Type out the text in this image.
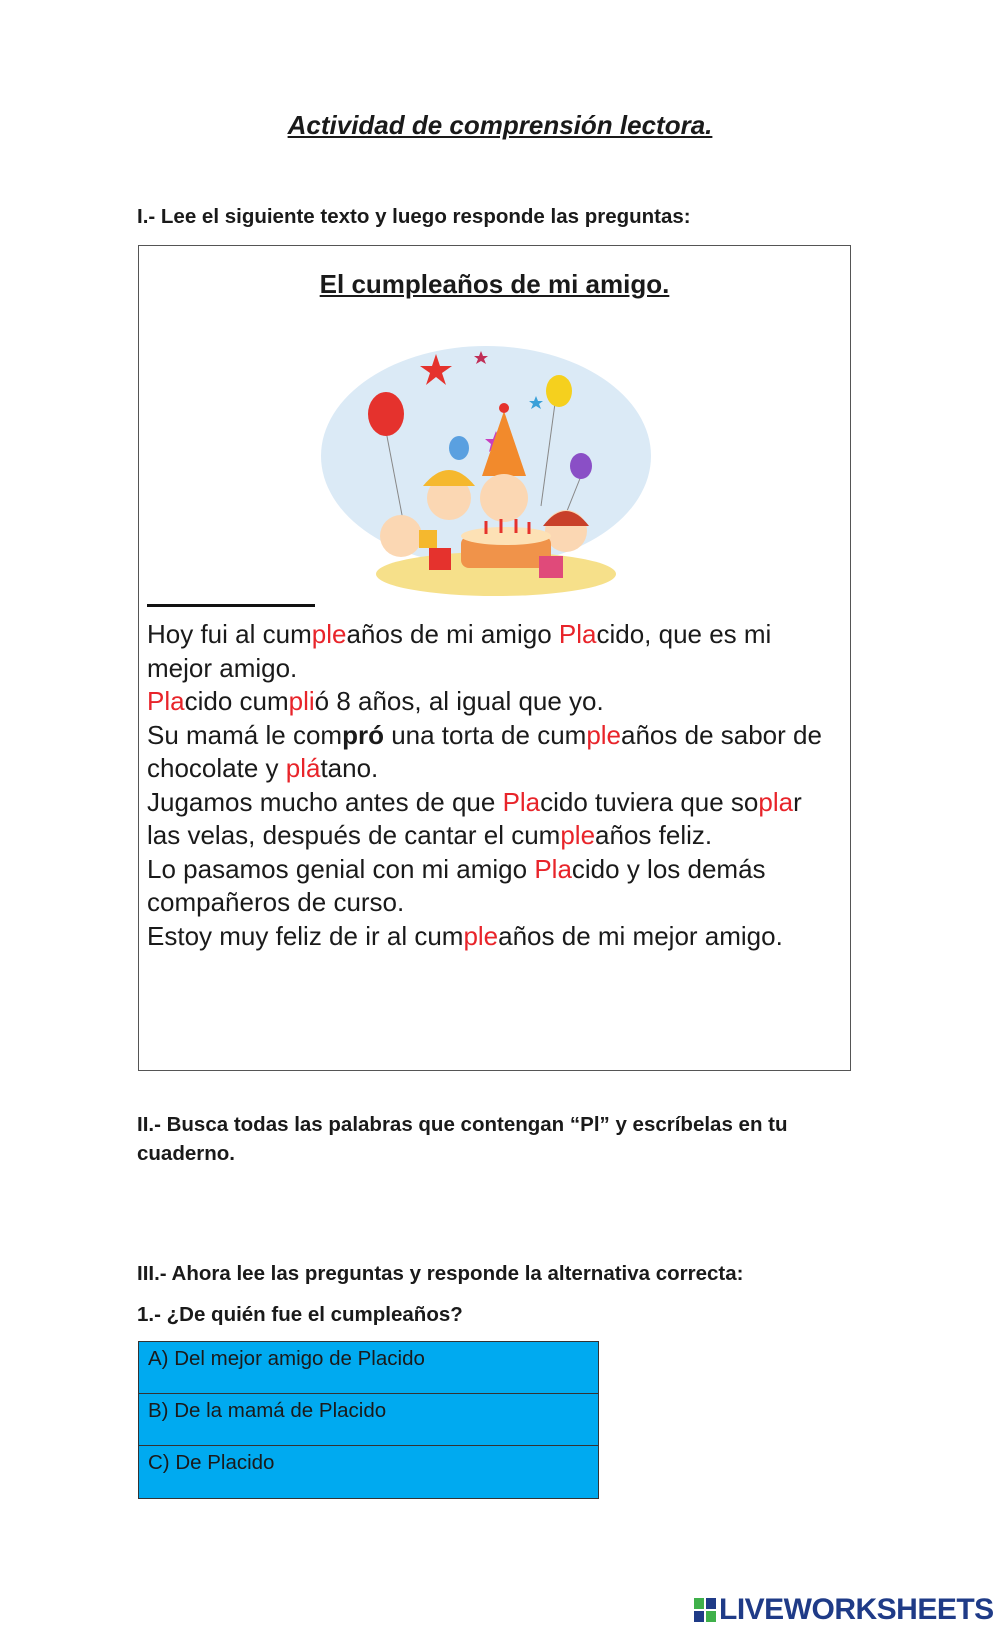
Actividad de comprensión lectora.
I.- Lee el siguiente texto y luego responde las preguntas:
El cumpleaños de mi amigo.

Hoy fui al cumpleaños de mi amigo Placido, que es mi mejor amigo.

Placido cumplió 8 años, al igual que yo.

Su mamá le compró una torta de cumpleaños de sabor de chocolate y plátano.

Jugamos mucho antes de que Placido tuviera que soplar las velas, después de cantar el cumpleaños feliz.

Lo pasamos genial con mi amigo Placido y los demás compañeros de curso.

Estoy muy feliz de ir al cumpleaños de mi mejor amigo.

II.- Busca todas las palabras que contengan “Pl” y escríbelas en tu cuaderno.
III.- Ahora lee las preguntas y responde la alternativa correcta:
1.- ¿De quién fue el cumpleaños?
A) Del mejor amigo de Placido
B) De la mamá de Placido
C) De Placido
LIVEWORKSHEETS
